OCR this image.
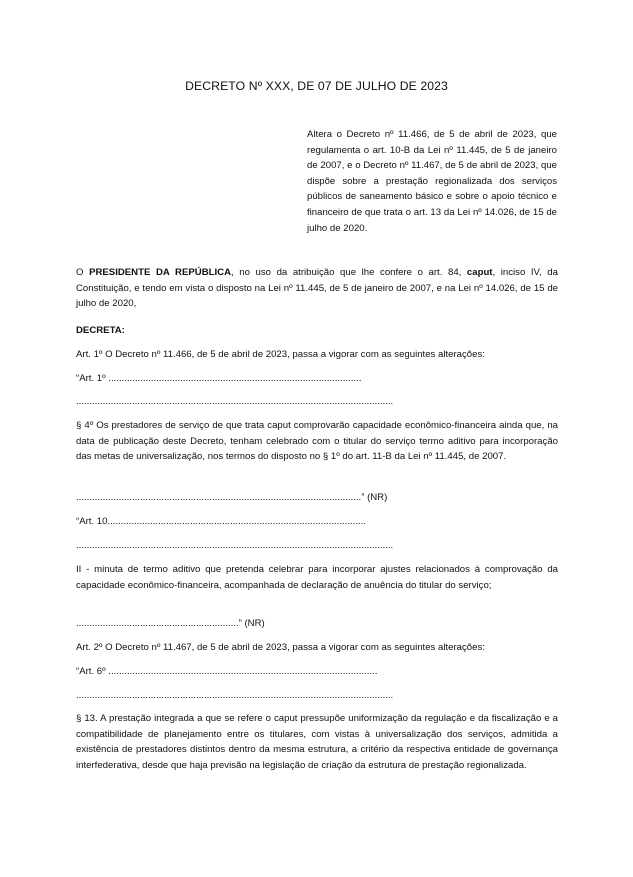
DECRETO Nº XXX, DE 07 DE JULHO DE 2023
Altera o Decreto nº 11.466, de 5 de abril de 2023, que regulamenta o art. 10-B da Lei nº 11.445, de 5 de janeiro de 2007, e o Decreto nº 11.467, de 5 de abril de 2023, que dispõe sobre a prestação regionalizada dos serviços públicos de saneamento básico e sobre o apoio técnico e financeiro de que trata o art. 13 da Lei nº 14.026, de 15 de julho de 2020.
O PRESIDENTE DA REPÚBLICA, no uso da atribuição que lhe confere o art. 84, caput, inciso IV, da Constituição, e tendo em vista o disposto na Lei nº 11.445, de 5 de janeiro de 2007, e na Lei nº 14.026, de 15 de julho de 2020,
DECRETA:
Art. 1º O Decreto nº 11.466, de 5 de abril de 2023, passa a vigorar com as seguintes alterações:
“Art. 1º ...............................................................................................
.......................................................................................................................
§ 4º Os prestadores de serviço de que trata caput comprovarão capacidade econômico-financeira ainda que, na data de publicação deste Decreto, tenham celebrado com o titular do serviço termo aditivo para incorporação das metas de universalização, nos termos do disposto no § 1º do art. 11-B da Lei nº 11.445, de 2007.
...........................................................................................................” (NR)
“Art. 10.................................................................................................
.......................................................................................................................
II - minuta de termo aditivo que pretenda celebrar para incorporar ajustes relacionados à comprovação da capacidade econômico-financeira, acompanhada de declaração de anuência do titular do serviço;
.............................................................” (NR)
Art. 2º O Decreto nº 11.467, de 5 de abril de 2023, passa a vigorar com as seguintes alterações:
“Art. 6º .....................................................................................................
.......................................................................................................................
§ 13. A prestação integrada a que se refere o caput pressupõe uniformização da regulação e da fiscalização e a compatibilidade de planejamento entre os titulares, com vistas à universalização dos serviços, admitida a existência de prestadores distintos dentro da mesma estrutura, a critério da respectiva entidade de governança interfederativa, desde que haja previsão na legislação de criação da estrutura de prestação regionalizada.
